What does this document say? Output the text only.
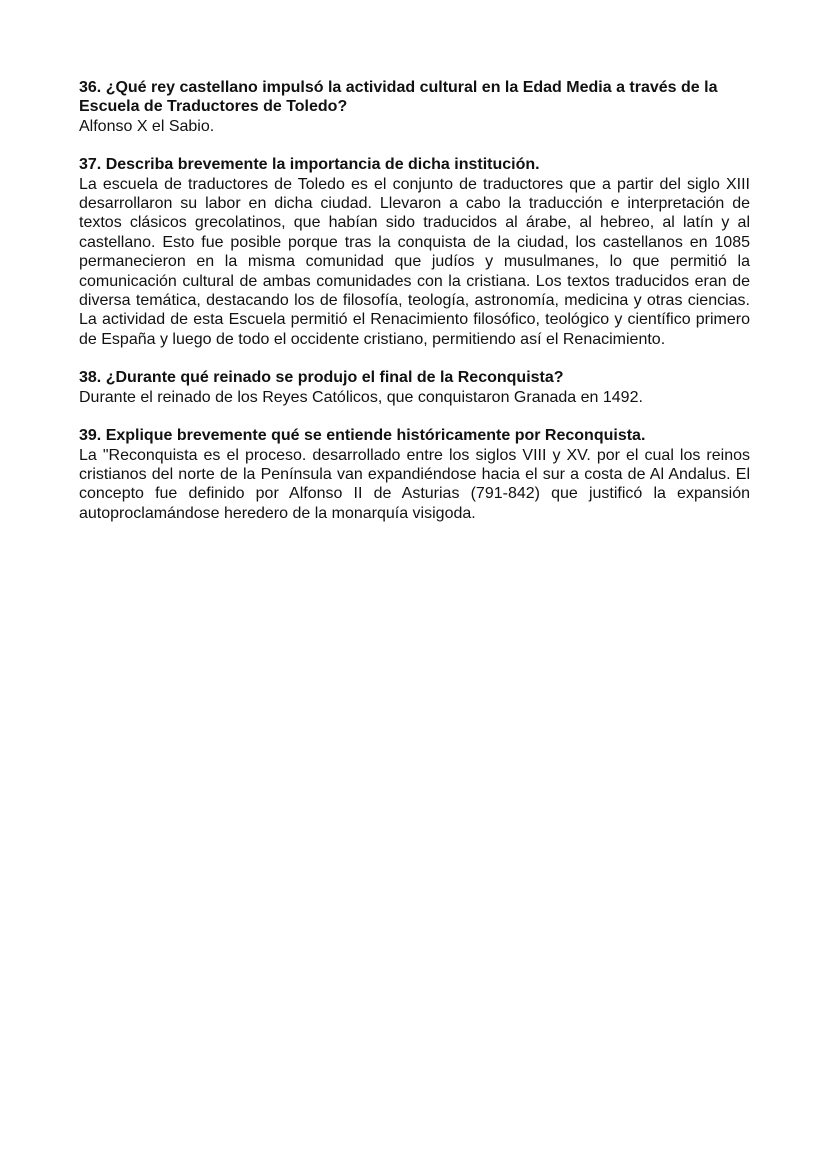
36. ¿Qué rey castellano impulsó la actividad cultural en la Edad Media a través de la Escuela de Traductores de Toledo?

Alfonso X el Sabio.

37. Describa brevemente la importancia de dicha institución.

La escuela de traductores de Toledo es el conjunto de traductores que a partir del siglo XIII desarrollaron su labor en dicha ciudad. Llevaron a cabo la traducción e interpretación de textos clásicos grecolatinos, que habían sido traducidos al árabe, al hebreo, al latín y al castellano. Esto fue posible porque tras la conquista de la ciudad, los castellanos en 1085 permanecieron en la misma comunidad que judíos y musulmanes, lo que permitió la comunicación cultural de ambas comunidades con la cristiana. Los textos traducidos eran de diversa temática, destacando los de filosofía, teología, astronomía, medicina y otras ciencias. La actividad de esta Escuela permitió el Renacimiento filosófico, teológico y científico primero de España y luego de todo el occidente cristiano, permitiendo así el Renacimiento.

38. ¿Durante qué reinado se produjo el final de la Reconquista?

Durante el reinado de los Reyes Católicos, que conquistaron Granada en 1492.

39. Explique brevemente qué se entiende históricamente por Reconquista.

La "Reconquista es el proceso. desarrollado entre los siglos VIII y XV. por el cual los reinos cristianos del norte de la Península van expandiéndose hacia el sur a costa de Al Andalus. El concepto fue definido por Alfonso II de Asturias (791-842) que justificó la expansión autoproclamándose heredero de la monarquía visigoda.
